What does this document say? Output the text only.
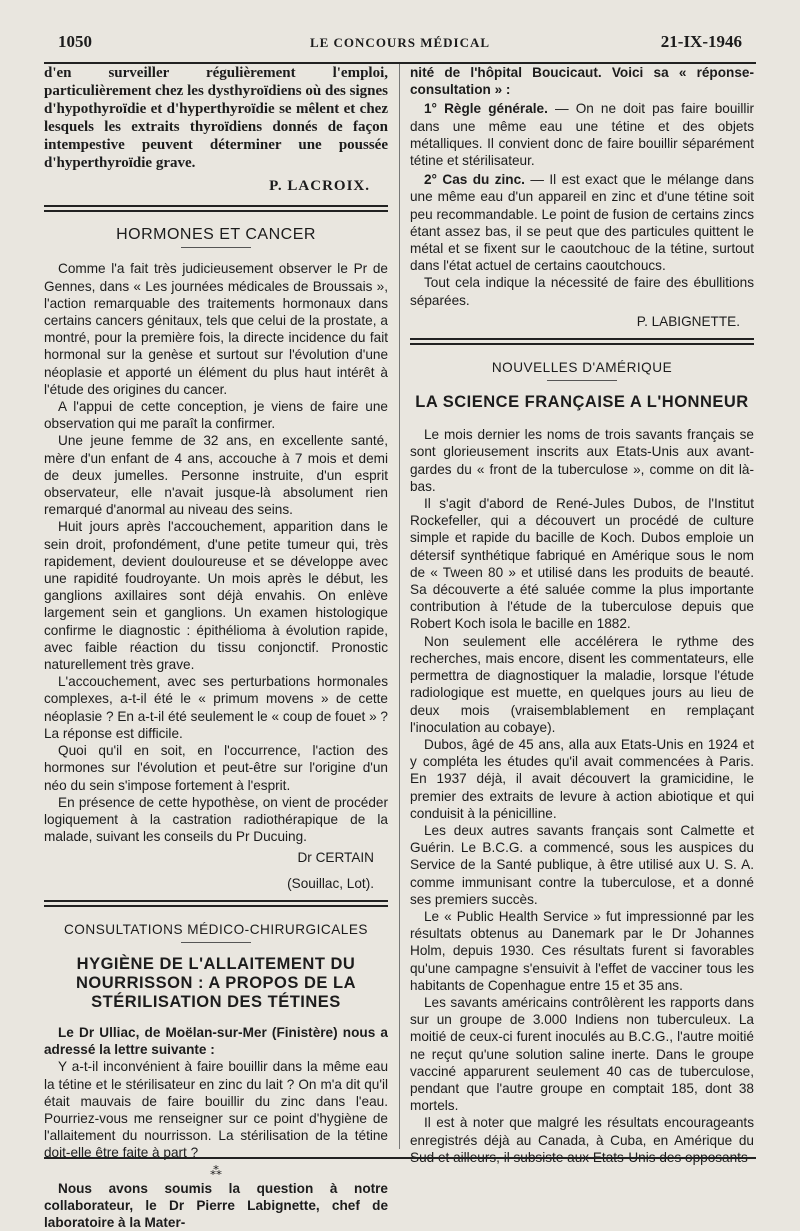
1050	LE CONCOURS MÉDICAL	21-IX-1946

d'en surveiller régulièrement l'emploi, particulièrement chez les dysthyroïdiens où des signes d'hypothyroïdie et d'hyperthyroïdie se mêlent et chez lesquels les extraits thyroïdiens donnés de façon intempestive peuvent déterminer une poussée d'hyperthyroïdie grave.

P. LACROIX.
HORMONES ET CANCER

Comme l'a fait très judicieusement observer le Pr de Gennes, dans « Les journées médicales de Broussais », l'action remarquable des traitements hormonaux dans certains cancers génitaux, tels que celui de la prostate, a montré, pour la première fois, la directe incidence du fait hormonal sur la genèse et surtout sur l'évolution d'une néoplasie et apporté un élément du plus haut intérêt à l'étude des origines du cancer.

A l'appui de cette conception, je viens de faire une observation qui me paraît la confirmer.

Une jeune femme de 32 ans, en excellente santé, mère d'un enfant de 4 ans, accouche à 7 mois et demi de deux jumelles. Personne instruite, d'un esprit observateur, elle n'avait jusque-là absolument rien remarqué d'anormal au niveau des seins.

Huit jours après l'accouchement, apparition dans le sein droit, profondément, d'une petite tumeur qui, très rapidement, devient douloureuse et se développe avec une rapidité foudroyante. Un mois après le début, les ganglions axillaires sont déjà envahis. On enlève largement sein et ganglions. Un examen histologique confirme le diagnostic : épithélioma à évolution rapide, avec faible réaction du tissu conjonctif. Pronostic naturellement très grave.

L'accouchement, avec ses perturbations hormonales complexes, a-t-il été le « primum movens » de cette néoplasie ? En a-t-il été seulement le « coup de fouet » ? La réponse est difficile.

Quoi qu'il en soit, en l'occurrence, l'action des hormones sur l'évolution et peut-être sur l'origine d'un néo du sein s'impose fortement à l'esprit.

En présence de cette hypothèse, on vient de procéder logiquement à la castration radiothérapique de la malade, suivant les conseils du Pr Ducuing.

Dr CERTAIN
(Souillac, Lot).
CONSULTATIONS MÉDICO-CHIRURGICALES
HYGIÈNE DE L'ALLAITEMENT DU NOURRISSON : A PROPOS DE LA STÉRILISATION DES TÉTINES

Le Dr Ulliac, de Moëlan-sur-Mer (Finistère) nous a adressé la lettre suivante :

Y a-t-il inconvénient à faire bouillir dans la même eau la tétine et le stérilisateur en zinc du lait ? On m'a dit qu'il était mauvais de faire bouillir du zinc dans l'eau. Pourriez-vous me renseigner sur ce point d'hygiène de l'allaitement du nourrisson. La stérilisation de la tétine doit-elle être faite à part ?

⁂

Nous avons soumis la question à notre collaborateur, le Dr Pierre Labignette, chef de laboratoire à la Mater-

nité de l'hôpital Boucicaut. Voici sa « réponse-consultation » :

1° Règle générale. — On ne doit pas faire bouillir dans une même eau une tétine et des objets métalliques. Il convient donc de faire bouillir séparément tétine et stérilisateur.

2° Cas du zinc. — Il est exact que le mélange dans une même eau d'un appareil en zinc et d'une tétine soit peu recommandable. Le point de fusion de certains zincs étant assez bas, il se peut que des particules quittent le métal et se fixent sur le caoutchouc de la tétine, surtout dans l'état actuel de certains caoutchoucs.

Tout cela indique la nécessité de faire des ébullitions séparées.

P. LABIGNETTE.
NOUVELLES D'AMÉRIQUE
LA SCIENCE FRANÇAISE A L'HONNEUR

Le mois dernier les noms de trois savants français se sont glorieusement inscrits aux Etats-Unis aux avant-gardes du « front de la tuberculose », comme on dit là-bas.

Il s'agit d'abord de René-Jules Dubos, de l'Institut Rockefeller, qui a découvert un procédé de culture simple et rapide du bacille de Koch. Dubos emploie un détersif synthétique fabriqué en Amérique sous le nom de « Tween 80 » et utilisé dans les produits de beauté. Sa découverte a été saluée comme la plus importante contribution à l'étude de la tuberculose depuis que Robert Koch isola le bacille en 1882.

Non seulement elle accélérera le rythme des recherches, mais encore, disent les commentateurs, elle permettra de diagnostiquer la maladie, lorsque l'étude radiologique est muette, en quelques jours au lieu de deux mois (vraisemblablement en remplaçant l'inoculation au cobaye).

Dubos, âgé de 45 ans, alla aux Etats-Unis en 1924 et y compléta les études qu'il avait commencées à Paris. En 1937 déjà, il avait découvert la gramicidine, le premier des extraits de levure à action abiotique et qui conduisit à la pénicilline.

Les deux autres savants français sont Calmette et Guérin. Le B.C.G. a commencé, sous les auspices du Service de la Santé publique, à être utilisé aux U. S. A. comme immunisant contre la tuberculose, et a donné ses premiers succès.

Le « Public Health Service » fut impressionné par les résultats obtenus au Danemark par le Dr Johannes Holm, depuis 1930. Ces résultats furent si favorables qu'une campagne s'ensuivit à l'effet de vacciner tous les habitants de Copenhague entre 15 et 35 ans.

Les savants américains contrôlèrent les rapports dans sur un groupe de 3.000 Indiens non tuberculeux. La moitié de ceux-ci furent inoculés au B.C.G., l'autre moitié ne reçut qu'une solution saline inerte. Dans le groupe vacciné apparurent seulement 40 cas de tuberculose, pendant que l'autre groupe en comptait 185, dont 38 mortels.

Il est à noter que malgré les résultats encourageants enregistrés déjà au Canada, à Cuba, en Amérique du Sud et ailleurs, il subsiste aux Etats-Unis des opposants
